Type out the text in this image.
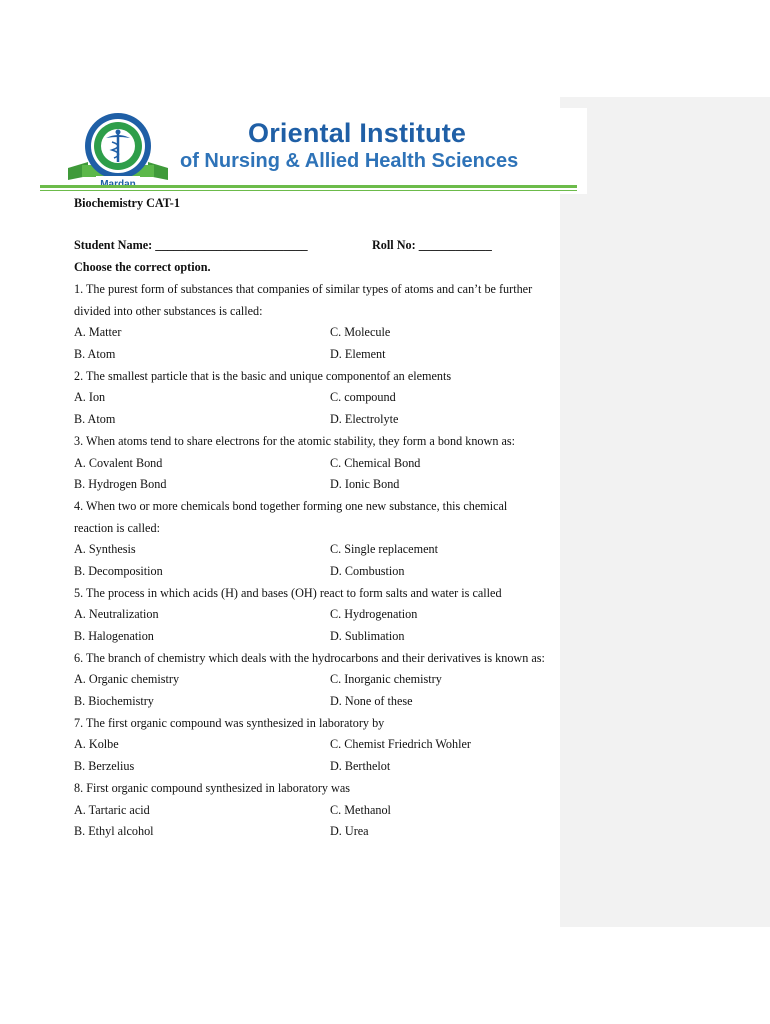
Oriental Institute
of Nursing & Allied Health Sciences
Biochemistry CAT-1
Student Name: _________________________	Roll No: ____________
Choose the correct option.
1. The purest form of substances that companies of similar types of atoms and can’t be further
divided into other substances is called:
A. Matter	C. Molecule
B. Atom	D. Element
2. The smallest particle that is the basic and unique componentof an elements
A. Ion	C. compound
B. Atom	D. Electrolyte
3. When atoms tend to share electrons for the atomic stability, they form a bond known as:
A. Covalent Bond	C. Chemical Bond
B. Hydrogen Bond	D. Ionic Bond
4. When two or more chemicals bond together forming one new substance, this chemical
reaction is called:
A. Synthesis	C. Single replacement
B. Decomposition	D. Combustion
5. The process in which acids (H) and bases (OH) react to form salts and water is called
A. Neutralization	C. Hydrogenation
B. Halogenation	D. Sublimation
6. The branch of chemistry which deals with the hydrocarbons and their derivatives is known as:
A. Organic chemistry	C. Inorganic chemistry
B. Biochemistry	D. None of these
7. The first organic compound was synthesized in laboratory by
A. Kolbe	C. Chemist Friedrich Wohler
B. Berzelius	D. Berthelot
8. First organic compound synthesized in laboratory was
A. Tartaric acid	C. Methanol
B. Ethyl alcohol	D. Urea
